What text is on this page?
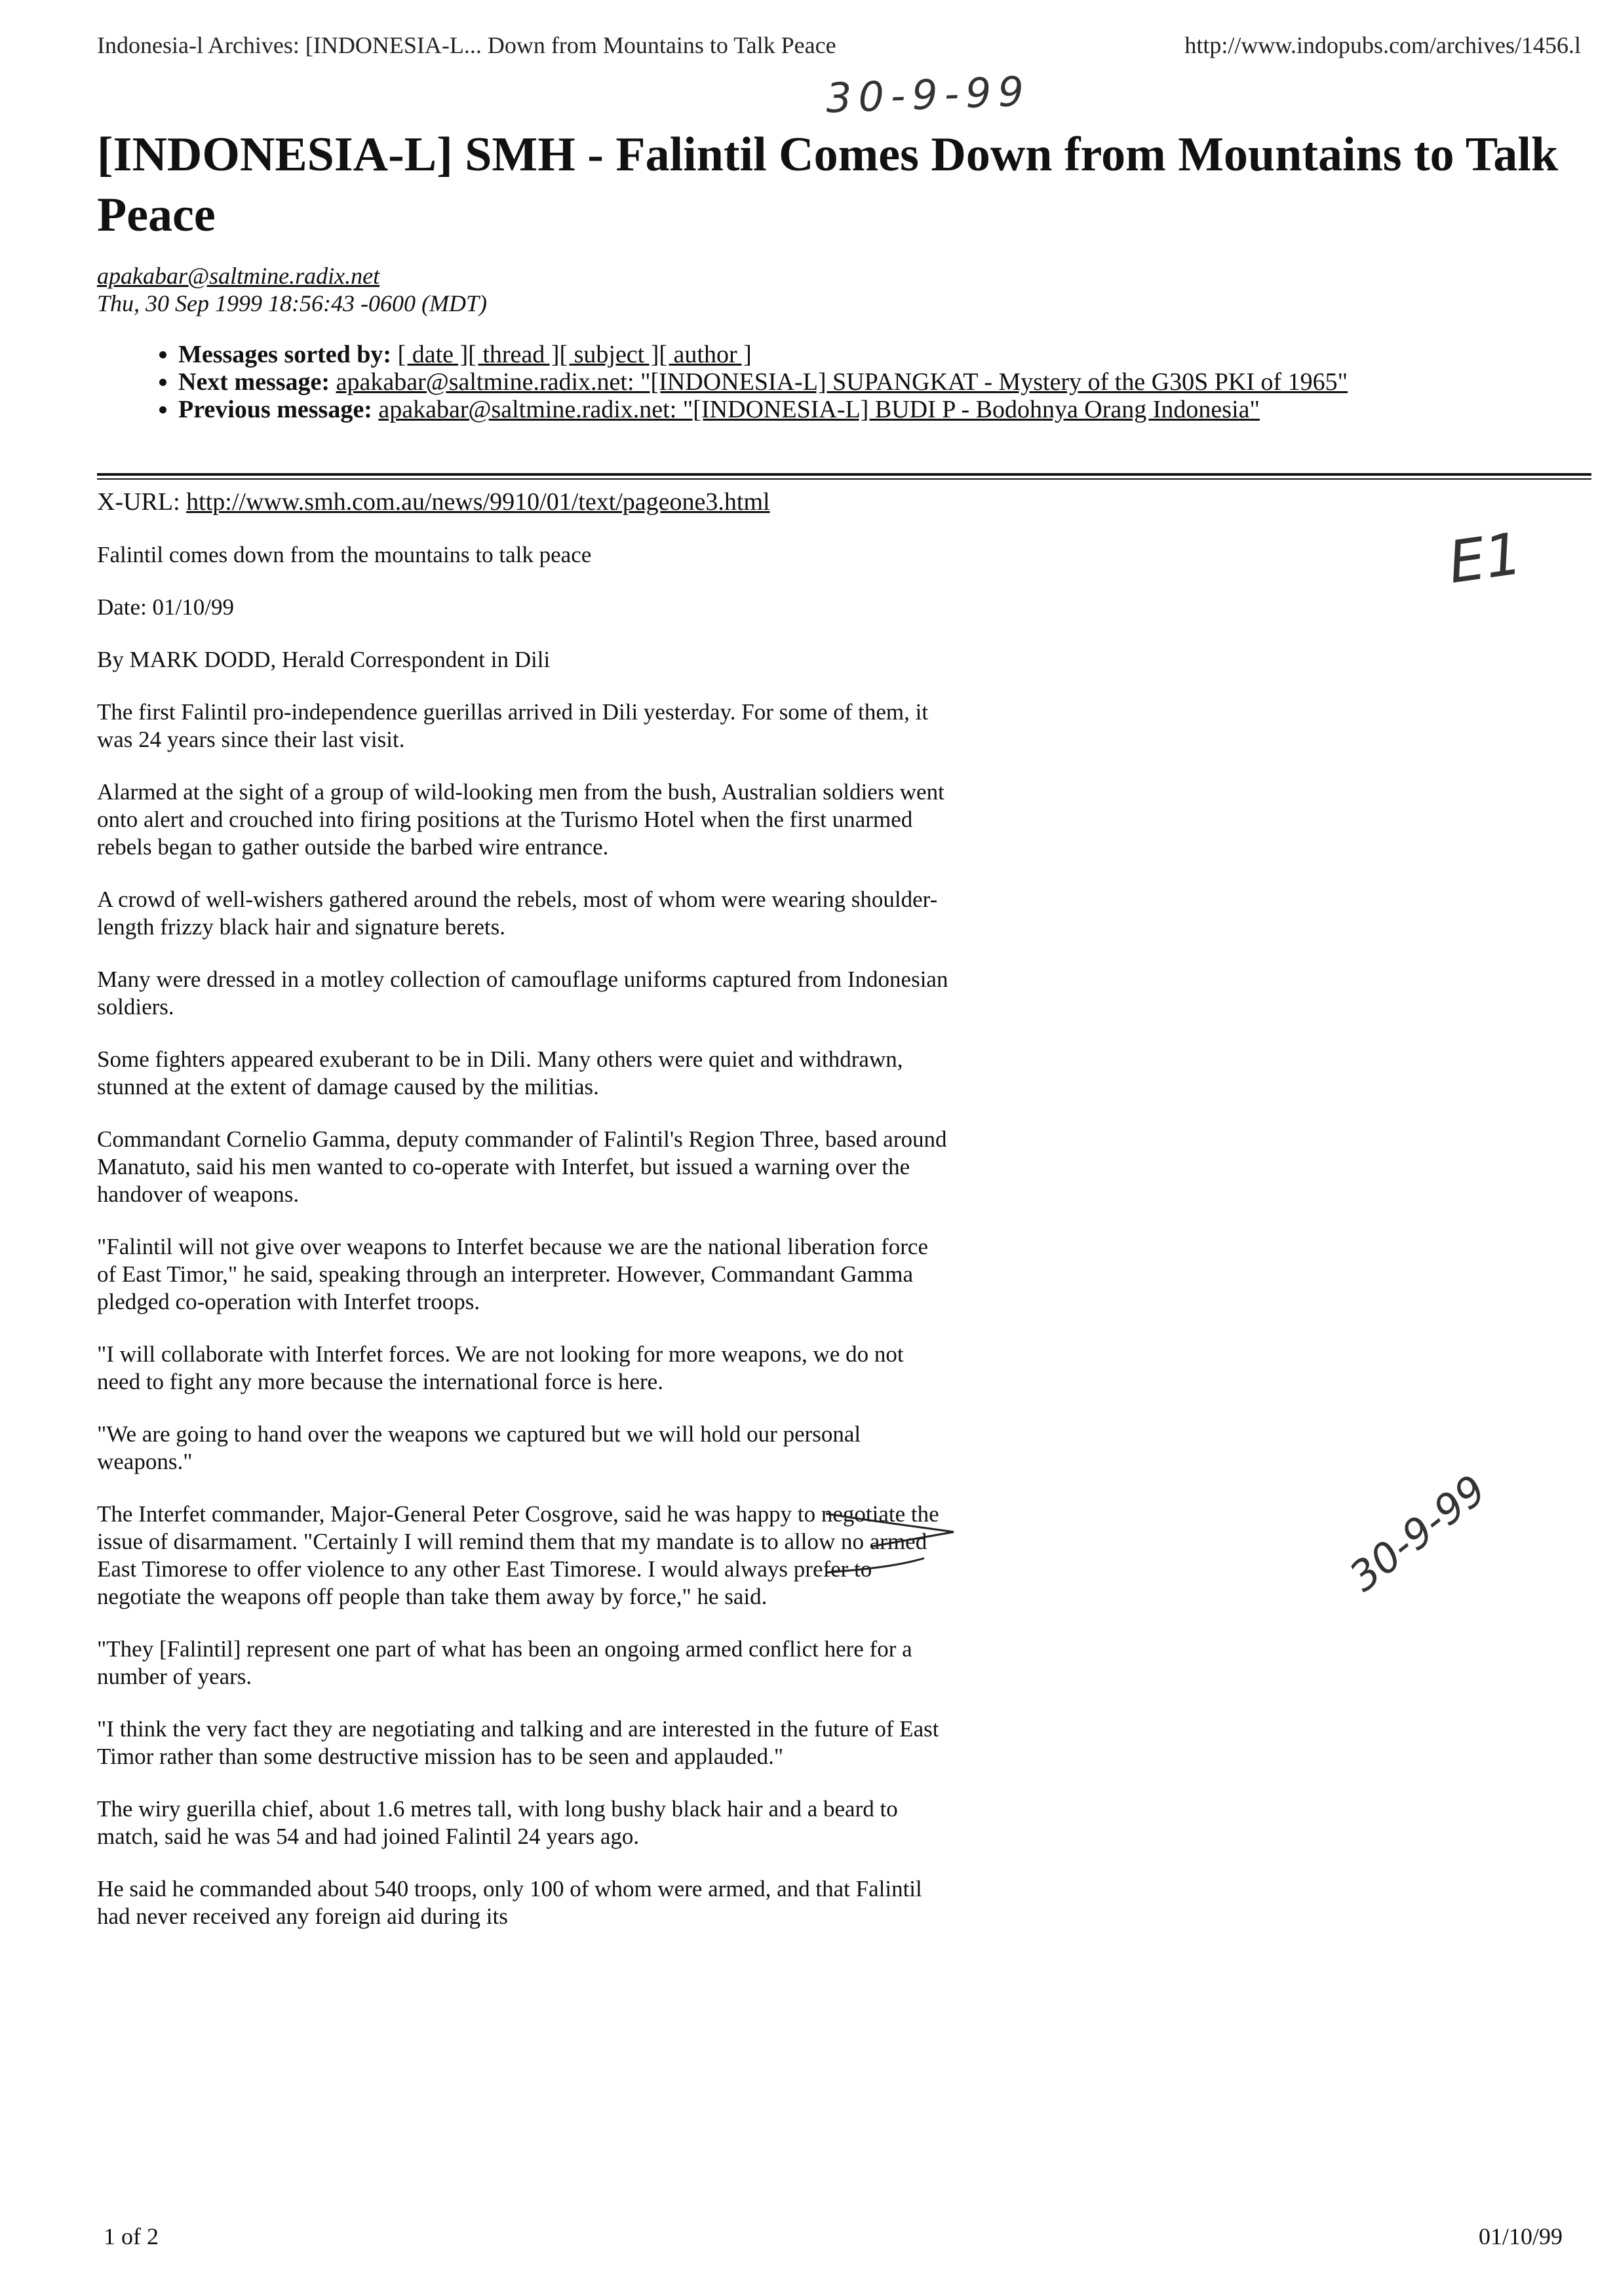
Indonesia-l Archives: [INDONESIA-L... Down from Mountains to Talk Peace	http://www.indopubs.com/archives/1456.l
30-9-99
E1
30-9-99
[INDONESIA-L] SMH - Falintil Comes Down from Mountains to Talk Peace
apakabar@saltmine.radix.net
Thu, 30 Sep 1999 18:56:43 -0600 (MDT)
• Messages sorted by: [ date ][ thread ][ subject ][ author ]
• Next message: apakabar@saltmine.radix.net: "[INDONESIA-L] SUPANGKAT - Mystery of the G30S PKI of 1965"
• Previous message: apakabar@saltmine.radix.net: "[INDONESIA-L] BUDI P - Bodohnya Orang Indonesia"
X-URL: http://www.smh.com.au/news/9910/01/text/pageone3.html

Falintil comes down from the mountains to talk peace

Date: 01/10/99

By MARK DODD, Herald Correspondent in Dili

The first Falintil pro-independence guerillas arrived in Dili yesterday. For some of them, it was 24 years since their last visit.

Alarmed at the sight of a group of wild-looking men from the bush, Australian soldiers went onto alert and crouched into firing positions at the Turismo Hotel when the first unarmed rebels began to gather outside the barbed wire entrance.

A crowd of well-wishers gathered around the rebels, most of whom were wearing shoulder-length frizzy black hair and signature berets.

Many were dressed in a motley collection of camouflage uniforms captured from Indonesian soldiers.

Some fighters appeared exuberant to be in Dili. Many others were quiet and withdrawn, stunned at the extent of damage caused by the militias.

Commandant Cornelio Gamma, deputy commander of Falintil's Region Three, based around Manatuto, said his men wanted to co-operate with Interfet, but issued a warning over the handover of weapons.

"Falintil will not give over weapons to Interfet because we are the national liberation force of East Timor," he said, speaking through an interpreter. However, Commandant Gamma pledged co-operation with Interfet troops.

"I will collaborate with Interfet forces. We are not looking for more weapons, we do not need to fight any more because the international force is here.

"We are going to hand over the weapons we captured but we will hold our personal weapons."

The Interfet commander, Major-General Peter Cosgrove, said he was happy to negotiate the issue of disarmament. "Certainly I will remind them that my mandate is to allow no armed East Timorese to offer violence to any other East Timorese. I would always prefer to negotiate the weapons off people than take them away by force," he said.

"They [Falintil] represent one part of what has been an ongoing armed conflict here for a number of years.

"I think the very fact they are negotiating and talking and are interested in the future of East Timor rather than some destructive mission has to be seen and applauded."

The wiry guerilla chief, about 1.6 metres tall, with long bushy black hair and a beard to match, said he was 54 and had joined Falintil 24 years ago.

He said he commanded about 540 troops, only 100 of whom were armed, and that Falintil had never received any foreign aid during its

1 of 2	01/10/99
